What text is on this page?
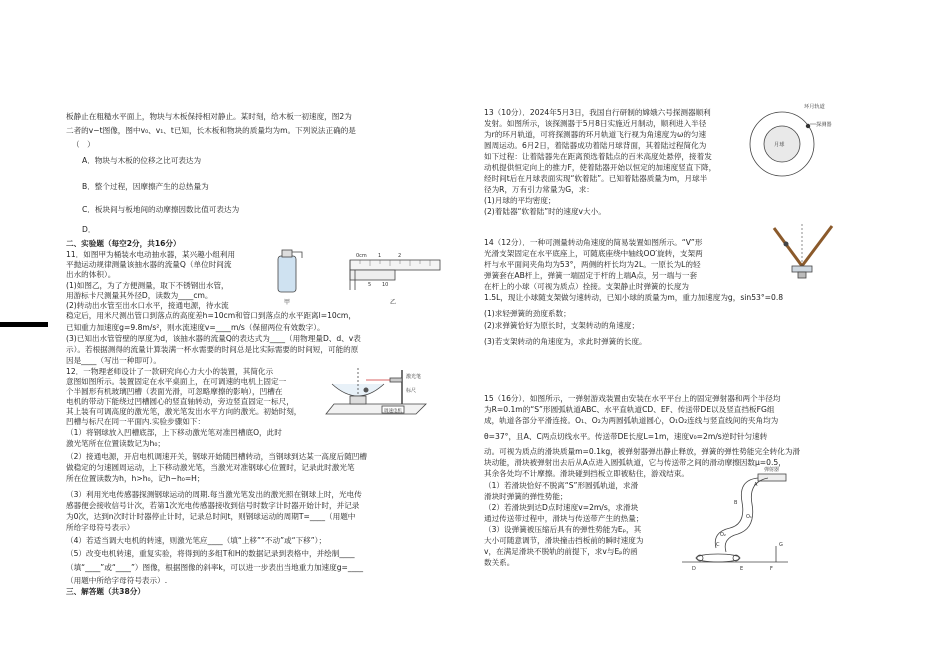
板静止在粗糙水平面上，物块与木板保持相对静止。某时刻，给木板一初速度，图2为
二者的v−t图像，图中v₀、v₁、t已知，长木板和物块的质量均为m。下列说法正确的是
（　）
A．物块与木板的位移之比可表达为
B．整个过程，因摩擦产生的总热量为
C．板块间与板地间的动摩擦因数比值可表达为
D．
二、实验题（每空2分，共16分）
11．如图甲为桶装水电动抽水器，某兴趣小组利用
平抛运动规律测量该抽水器的流量Q（单位时间流
出水的体积）。
(1)如图乙，为了方便测量，取下不锈钢出水管，
用游标卡尺测量其外径D，读数为____cm。
(2)转动出水管至出水口水平，接通电源，待水流
稳定后，用米尺测出管口到落点的高度差h=10cm和管口到落点的水平距离l=10cm，
已知重力加速度g=9.8m/s²，则水流速度v=____m/s（保留两位有效数字）。
(3)已知出水管管壁的厚度为d，该抽水器的流量Q的表达式为____（用物理量D、d、v表
示）。若根据测得的流量计算装满一杯水需要的时间总是比实际需要的时间短，可能的原
因是____（写出一种即可）。
12．一物理老师设计了一款研究向心力大小的装置，其简化示
意图如图所示。装置固定在水平桌面上，在可调速的电机上固定一
个半圆形有机玻璃凹槽（表面光滑，可忽略摩擦的影响），凹槽在
电机的带动下能绕过凹槽圆心的竖直轴转动，旁边竖直固定一标尺，
其上装有可调高度的激光笔，激光笔发出水平方向的激光。初始时刻，
凹槽与标尺在同一平面内.实验步骤如下：
（1）将钢球放入凹槽底部，上下移动激光笔对准凹槽底O，此时
激光笔所在位置读数记为h₀；
（2）接通电源，开启电机调速开关，钢球开始随凹槽转动，当钢球到达某一高度后随凹槽
做稳定的匀速圆周运动，上下移动激光笔，当激光对准钢球心位置时，记录此时激光笔
所在位置读数为h，h>h₀，记h−h₀=H；
（3）利用光电传感器探测钢球运动的周期.每当激光笔发出的激光照在钢球上时，光电传
感器便会接收信号计次，若第1次光电传感器接收到信号时数字计时器开始计时，并记录
为0次，达到n次时计时器停止计时，记录总时间t，则钢球运动的周期T=____（用题中
所给字母符号表示）
（4）若适当调大电机的转速，则激光笔应____（填“上移”“不动”或“下移”）；
（5）改变电机转速，重复实验，将得到的多组T和H的数据记录到表格中，并绘制____
（填“____”或“____”）图像，根据图像的斜率k，可以进一步表出当地重力加速度g=____
（用题中所给字母符号表示）.
三、解答题（共38分）
甲	乙
0cm 1	2
5 10
激光笔
标尺
调速电机
13（10分）．2024年5月3日，我国自行研制的嫦娥六号探测器顺利
发射。如图所示，该探测器于5月8日实施近月制动，顺利进入半径
为r的环月轨道，可将探测器的环月轨道飞行视为角速度为ω的匀速
圆周运动。6月2日，着陆器成功着陆月球背面，其着陆过程简化为
如下过程：让着陆器先在距离预选着陆点的百米高度处悬停，接着发
动机提供恒定向上的推力F，使着陆器开始以恒定的加速度竖直下降，
经时间t后在月球表面实现“软着陆”。已知着陆器质量为m，月球半
径为R，万有引力常量为G，求：
(1)月球的平均密度；
(2)着陆器“软着陆”时的速度v大小。
14（12分）．一种可测量转动角速度的简易装置如图所示。“V”形
光滑支架固定在水平底座上，可随底座绕中轴线OO′旋转，支架两
杆与水平面间夹角均为53°，两侧的杆长均为2L。一原长为L的轻
弹簧套在AB杆上，弹簧一端固定于杆的上端A点，另一端与一套
在杆上的小球（可视为质点）拴接。支架静止时弹簧的长度为
1.5L，现让小球随支架做匀速转动，已知小球的质量为m，重力加速度为g，sin53°=0.8
(1)求轻弹簧的劲度系数；
(2)求弹簧恰好为原长时，支架转动的角速度；
(3)若支架转动的角速度为，求此时弹簧的长度。
15（16分）．如图所示，一弹射游戏装置由安装在水平平台上的固定弹射器和两个半径均
为R=0.1m的“S”形圆弧轨道ABC、水平直轨道CD、EF、传送带DE以及竖直挡板FG组
成，轨道各部分平滑连接。O₁、O₂为两圆弧轨道圆心，O₁O₂连线与竖直线间的夹角均为
θ=37°，且A、C两点切线水平。传送带DE长度L=1m，速度v₀=2m/s逆时针匀速转
动。可视为质点的滑块质量m=0.1kg，被弹射器弹出静止释放，弹簧的弹性势能完全转化为滑
块动能，滑块被弹射出去后从A点进入圆弧轨道，它与传送带之间的滑动摩擦因数μ=0.5，
其余各处均不计摩擦。滑块碰到挡板立即被粘住，游戏结束。
（1）若滑块恰好不脱离“S”形圆弧轨道，求滑
滑块时弹簧的弹性势能；
（2）若滑块到达D点时速度v=2m/s，求滑块
通过传送带过程中，滑块与传送带产生的热量；
（3）设弹簧被压缩后具有的弹性势能为Eₚ，其
大小可随意调节，滑块撞击挡板前的瞬时速度为
v，在满足滑块不脱轨的前提下，求v与Eₚ的函
数关系。
环月轨道
探测器
月球
弹射器
A
B
C
D	E	F
G
O₁
O₂
